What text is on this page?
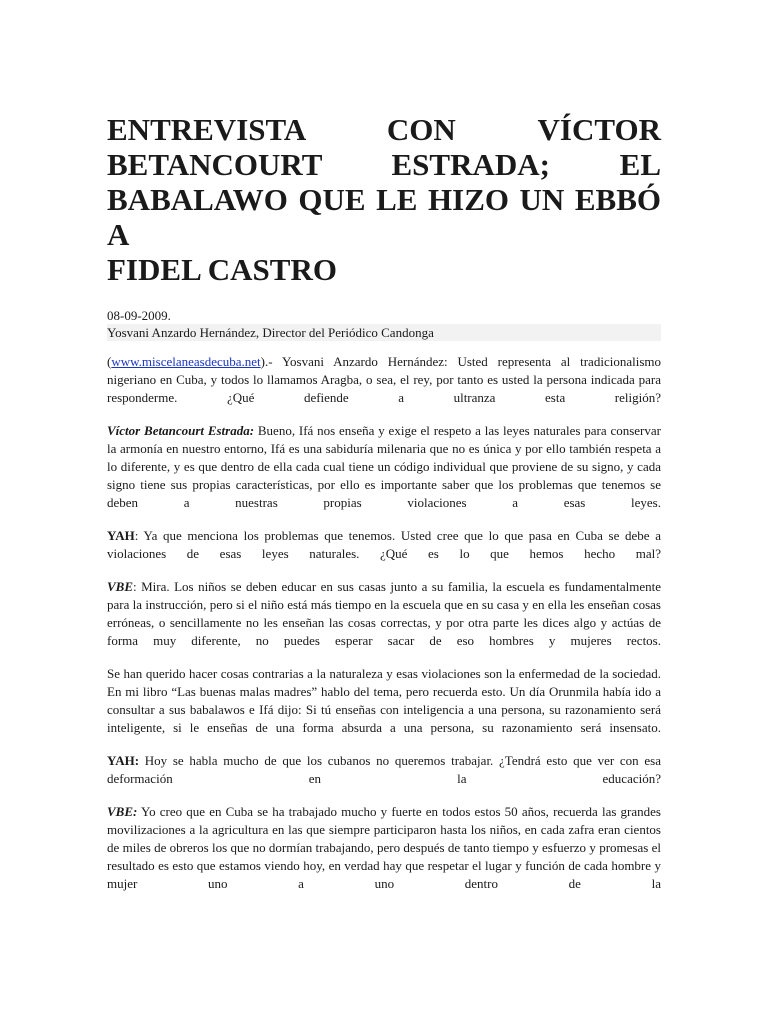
ENTREVISTA CON VÍCTOR
BETANCOURT ESTRADA; EL
BABALAWO QUE LE HIZO UN EBBÓ A
FIDEL CASTRO
08-09-2009.
Yosvani Anzardo Hernández, Director del Periódico Candonga

(www.miscelaneasdecuba.net).- Yosvani Anzardo Hernández: Usted representa al tradicionalismo nigeriano en Cuba, y todos lo llamamos Aragba, o sea, el rey, por tanto es usted la persona indicada para responderme. ¿Qué defiende a ultranza esta religión?

Víctor Betancourt Estrada: Bueno, Ifá nos enseña y exige el respeto a las leyes naturales para conservar la armonía en nuestro entorno, Ifá es una sabiduría milenaria que no es única y por ello también respeta a lo diferente, y es que dentro de ella cada cual tiene un código individual que proviene de su signo, y cada signo tiene sus propias características, por ello es importante saber que los problemas que tenemos se deben a nuestras propias violaciones a esas leyes.

YAH: Ya que menciona los problemas que tenemos. Usted cree que lo que pasa en Cuba se debe a violaciones de esas leyes naturales. ¿Qué es lo que hemos hecho mal?

VBE: Mira. Los niños se deben educar en sus casas junto a su familia, la escuela es fundamentalmente para la instrucción, pero si el niño está más tiempo en la escuela que en su casa y en ella les enseñan cosas erróneas, o sencillamente no les enseñan las cosas correctas, y por otra parte les dices algo y actúas de forma muy diferente, no puedes esperar sacar de eso hombres y mujeres rectos.

Se han querido hacer cosas contrarias a la naturaleza y esas violaciones son la enfermedad de la sociedad. En mi libro “Las buenas malas madres” hablo del tema, pero recuerda esto. Un día Orunmila había ido a consultar a sus babalawos e Ifá dijo: Si tú enseñas con inteligencia a una persona, su razonamiento será inteligente, si le enseñas de una forma absurda a una persona, su razonamiento será insensato.

YAH: Hoy se habla mucho de que los cubanos no queremos trabajar. ¿Tendrá esto que ver con esa deformación en la educación?

VBE: Yo creo que en Cuba se ha trabajado mucho y fuerte en todos estos 50 años, recuerda las grandes movilizaciones a la agricultura en las que siempre participaron hasta los niños, en cada zafra eran cientos de miles de obreros los que no dormían trabajando, pero después de tanto tiempo y esfuerzo y promesas el resultado es esto que estamos viendo hoy, en verdad hay que respetar el lugar y función de cada hombre y mujer uno a uno dentro de la
